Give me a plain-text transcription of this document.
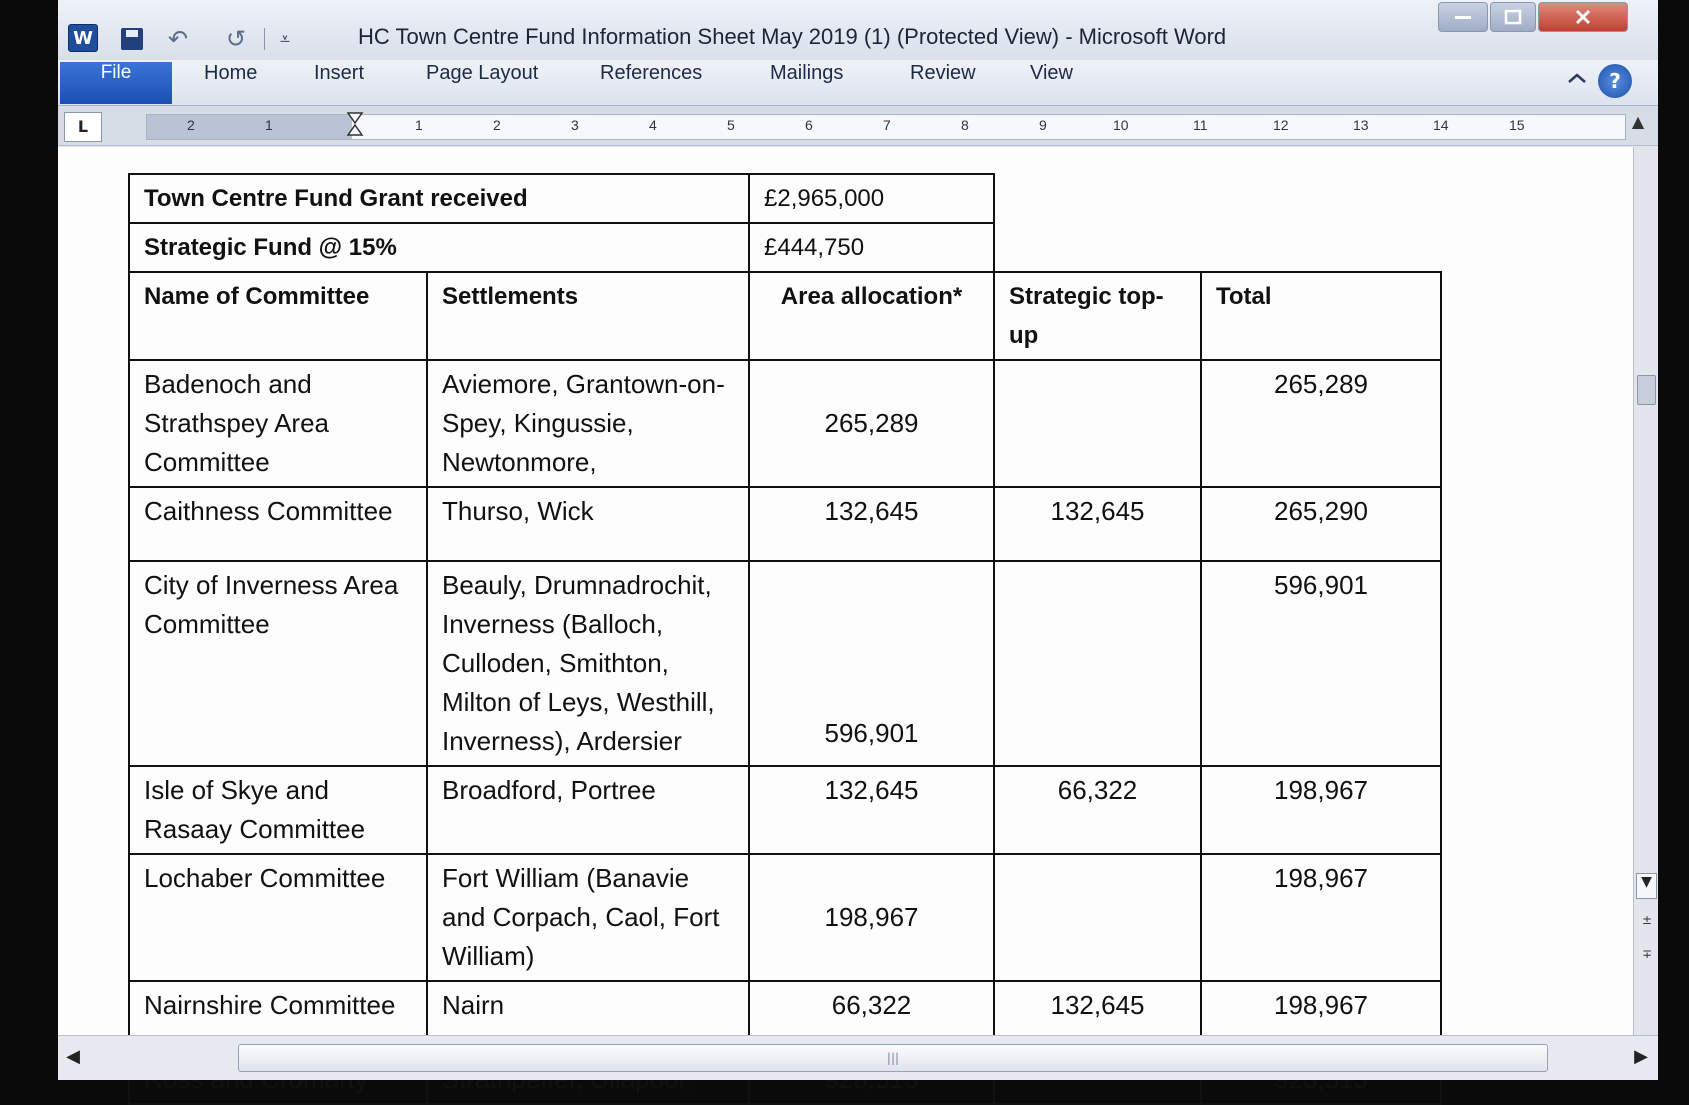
W	↶	↺	⩡	HC Town Centre Fund Information Sheet May 2019 (1) (Protected View) - Microsoft Word
File	Home	Insert	Page Layout	References	Mailings	Review	View	?
L	2	1	1	2	3	4	5	6	7	8	9	10	11	12	13	14	15	▲
Town Centre Fund Grant received		£2,965,000		
Strategic Fund @ 15%		£444,750		
Name of Committee	Settlements	Area allocation*	Strategic top-up	Total
Badenoch and Strathspey Area Committee	Aviemore, Grantown-on-Spey, Kingussie, Newtonmore,	265,289		265,289
Caithness Committee	Thurso, Wick	132,645	132,645	265,290
City of Inverness Area Committee	Beauly, Drumnadrochit, Inverness (Balloch, Culloden, Smithton, Milton of Leys, Westhill, Inverness), Ardersier	596,901		596,901
Isle of Skye and Rasaay Committee	Broadford, Portree	132,645	66,322	198,967
Lochaber Committee	Fort William (Banavie and Corpach, Caol, Fort William)	198,967		198,967
Nairnshire Committee	Nairn	66,322	132,645	198,967

▼
±
∓
◀	|||	▶
